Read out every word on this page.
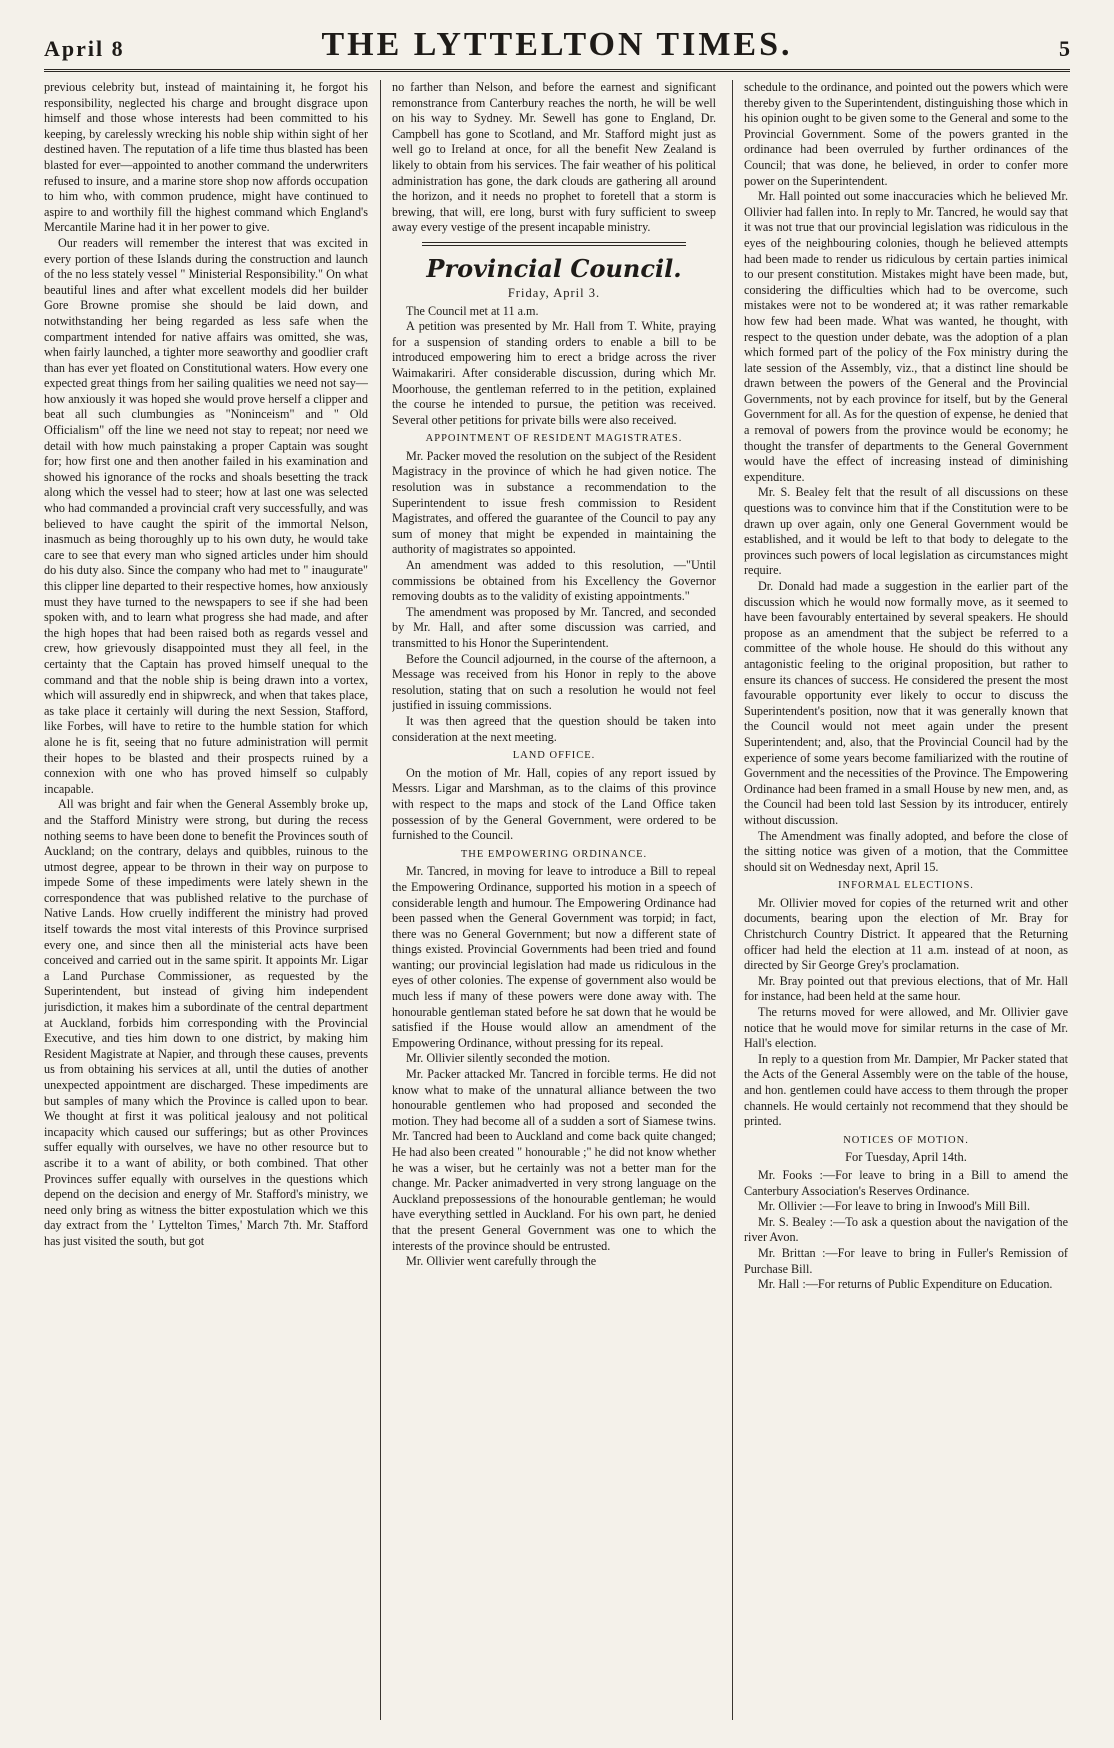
April 8	THE LYTTELTON TIMES.	5

previous celebrity but, instead of maintaining it, he forgot his responsibility, neglected his charge and brought disgrace upon himself and those whose interests had been committed to his keeping, by carelessly wrecking his noble ship within sight of her destined haven. The reputation of a life time thus blasted has been blasted for ever—appointed to another command the underwriters refused to insure, and a marine store shop now affords occupation to him who, with common prudence, might have continued to aspire to and worthily fill the highest command which England's Mercantile Marine had it in her power to give.

Our readers will remember the interest that was excited in every portion of these Islands during the construction and launch of the no less stately vessel " Ministerial Responsibility." On what beautiful lines and after what excellent models did her builder Gore Browne promise she should be laid down, and notwithstanding her being regarded as less safe when the compartment intended for native affairs was omitted, she was, when fairly launched, a tighter more seaworthy and goodlier craft than has ever yet floated on Constitutional waters. How every one expected great things from her sailing qualities we need not say—how anxiously it was hoped she would prove herself a clipper and beat all such clumbungies as "Noninceism" and " Old Officialism" off the line we need not stay to repeat; nor need we detail with how much painstaking a proper Captain was sought for; how first one and then another failed in his examination and showed his ignorance of the rocks and shoals besetting the track along which the vessel had to steer; how at last one was selected who had commanded a provincial craft very successfully, and was believed to have caught the spirit of the immortal Nelson, inasmuch as being thoroughly up to his own duty, he would take care to see that every man who signed articles under him should do his duty also. Since the company who had met to " inaugurate" this clipper line departed to their respective homes, how anxiously must they have turned to the newspapers to see if she had been spoken with, and to learn what progress she had made, and after the high hopes that had been raised both as regards vessel and crew, how grievously disappointed must they all feel, in the certainty that the Captain has proved himself unequal to the command and that the noble ship is being drawn into a vortex, which will assuredly end in shipwreck, and when that takes place, as take place it certainly will during the next Session, Stafford, like Forbes, will have to retire to the humble station for which alone he is fit, seeing that no future administration will permit their hopes to be blasted and their prospects ruined by a connexion with one who has proved himself so culpably incapable.

All was bright and fair when the General Assembly broke up, and the Stafford Ministry were strong, but during the recess nothing seems to have been done to benefit the Provinces south of Auckland; on the contrary, delays and quibbles, ruinous to the utmost degree, appear to be thrown in their way on purpose to impede Some of these impediments were lately shewn in the correspondence that was published relative to the purchase of Native Lands. How cruelly indifferent the ministry had proved itself towards the most vital interests of this Province surprised every one, and since then all the ministerial acts have been conceived and carried out in the same spirit. It appoints Mr. Ligar a Land Purchase Commissioner, as requested by the Superintendent, but instead of giving him independent jurisdiction, it makes him a subordinate of the central department at Auckland, forbids him corresponding with the Provincial Executive, and ties him down to one district, by making him Resident Magistrate at Napier, and through these causes, prevents us from obtaining his services at all, until the duties of another unexpected appointment are discharged. These impediments are but samples of many which the Province is called upon to bear. We thought at first it was political jealousy and not political incapacity which caused our sufferings; but as other Provinces suffer equally with ourselves, we have no other resource but to ascribe it to a want of ability, or both combined. That other Provinces suffer equally with ourselves in the questions which depend on the decision and energy of Mr. Stafford's ministry, we need only bring as witness the bitter expostulation which we this day extract from the ' Lyttelton Times,' March 7th. Mr. Stafford has just visited the south, but got

no farther than Nelson, and before the earnest and significant remonstrance from Canterbury reaches the north, he will be well on his way to Sydney. Mr. Sewell has gone to England, Dr. Campbell has gone to Scotland, and Mr. Stafford might just as well go to Ireland at once, for all the benefit New Zealand is likely to obtain from his services. The fair weather of his political administration has gone, the dark clouds are gathering all around the horizon, and it needs no prophet to foretell that a storm is brewing, that will, ere long, burst with fury sufficient to sweep away every vestige of the present incapable ministry.

Provincial Council.
Friday, April 3.

The Council met at 11 a.m.

A petition was presented by Mr. Hall from T. White, praying for a suspension of standing orders to enable a bill to be introduced empowering him to erect a bridge across the river Waimakariri. After considerable discussion, during which Mr. Moorhouse, the gentleman referred to in the petition, explained the course he intended to pursue, the petition was received. Several other petitions for private bills were also received.

APPOINTMENT OF RESIDENT MAGISTRATES.

Mr. Packer moved the resolution on the subject of the Resident Magistracy in the province of which he had given notice. The resolution was in substance a recommendation to the Superintendent to issue fresh commission to Resident Magistrates, and offered the guarantee of the Council to pay any sum of money that might be expended in maintaining the authority of magistrates so appointed.

An amendment was added to this resolution, —"Until commissions be obtained from his Excellency the Governor removing doubts as to the validity of existing appointments."

The amendment was proposed by Mr. Tancred, and seconded by Mr. Hall, and after some discussion was carried, and transmitted to his Honor the Superintendent.

Before the Council adjourned, in the course of the afternoon, a Message was received from his Honor in reply to the above resolution, stating that on such a resolution he would not feel justified in issuing commissions.

It was then agreed that the question should be taken into consideration at the next meeting.

LAND OFFICE.

On the motion of Mr. Hall, copies of any report issued by Messrs. Ligar and Marshman, as to the claims of this province with respect to the maps and stock of the Land Office taken possession of by the General Government, were ordered to be furnished to the Council.

THE EMPOWERING ORDINANCE.

Mr. Tancred, in moving for leave to introduce a Bill to repeal the Empowering Ordinance, supported his motion in a speech of considerable length and humour. The Empowering Ordinance had been passed when the General Government was torpid; in fact, there was no General Government; but now a different state of things existed. Provincial Governments had been tried and found wanting; our provincial legislation had made us ridiculous in the eyes of other colonies. The expense of government also would be much less if many of these powers were done away with. The honourable gentleman stated before he sat down that he would be satisfied if the House would allow an amendment of the Empowering Ordinance, without pressing for its repeal.

Mr. Ollivier silently seconded the motion.

Mr. Packer attacked Mr. Tancred in forcible terms. He did not know what to make of the unnatural alliance between the two honourable gentlemen who had proposed and seconded the motion. They had become all of a sudden a sort of Siamese twins. Mr. Tancred had been to Auckland and come back quite changed; He had also been created " honourable ;" he did not know whether he was a wiser, but he certainly was not a better man for the change. Mr. Packer animadverted in very strong language on the Auckland prepossessions of the honourable gentleman; he would have everything settled in Auckland. For his own part, he denied that the present General Government was one to which the interests of the province should be entrusted.

Mr. Ollivier went carefully through the

schedule to the ordinance, and pointed out the powers which were thereby given to the Superintendent, distinguishing those which in his opinion ought to be given some to the General and some to the Provincial Government. Some of the powers granted in the ordinance had been overruled by further ordinances of the Council; that was done, he believed, in order to confer more power on the Superintendent.

Mr. Hall pointed out some inaccuracies which he believed Mr. Ollivier had fallen into. In reply to Mr. Tancred, he would say that it was not true that our provincial legislation was ridiculous in the eyes of the neighbouring colonies, though he believed attempts had been made to render us ridiculous by certain parties inimical to our present constitution. Mistakes might have been made, but, considering the difficulties which had to be overcome, such mistakes were not to be wondered at; it was rather remarkable how few had been made. What was wanted, he thought, with respect to the question under debate, was the adoption of a plan which formed part of the policy of the Fox ministry during the late session of the Assembly, viz., that a distinct line should be drawn between the powers of the General and the Provincial Governments, not by each province for itself, but by the General Government for all. As for the question of expense, he denied that a removal of powers from the province would be economy; he thought the transfer of departments to the General Government would have the effect of increasing instead of diminishing expenditure.

Mr. S. Bealey felt that the result of all discussions on these questions was to convince him that if the Constitution were to be drawn up over again, only one General Government would be established, and it would be left to that body to delegate to the provinces such powers of local legislation as circumstances might require.

Dr. Donald had made a suggestion in the earlier part of the discussion which he would now formally move, as it seemed to have been favourably entertained by several speakers. He should propose as an amendment that the subject be referred to a committee of the whole house. He should do this without any antagonistic feeling to the original proposition, but rather to ensure its chances of success. He considered the present the most favourable opportunity ever likely to occur to discuss the Superintendent's position, now that it was generally known that the Council would not meet again under the present Superintendent; and, also, that the Provincial Council had by the experience of some years become familiarized with the routine of Government and the necessities of the Province. The Empowering Ordinance had been framed in a small House by new men, and, as the Council had been told last Session by its introducer, entirely without discussion.

The Amendment was finally adopted, and before the close of the sitting notice was given of a motion, that the Committee should sit on Wednesday next, April 15.

INFORMAL ELECTIONS.

Mr. Ollivier moved for copies of the returned writ and other documents, bearing upon the election of Mr. Bray for Christchurch Country District. It appeared that the Returning officer had held the election at 11 a.m. instead of at noon, as directed by Sir George Grey's proclamation.

Mr. Bray pointed out that previous elections, that of Mr. Hall for instance, had been held at the same hour.

The returns moved for were allowed, and Mr. Ollivier gave notice that he would move for similar returns in the case of Mr. Hall's election.

In reply to a question from Mr. Dampier, Mr Packer stated that the Acts of the General Assembly were on the table of the house, and hon. gentlemen could have access to them through the proper channels. He would certainly not recommend that they should be printed.

NOTICES OF MOTION.
For Tuesday, April 14th.

Mr. Fooks :—For leave to bring in a Bill to amend the Canterbury Association's Reserves Ordinance.

Mr. Ollivier :—For leave to bring in Inwood's Mill Bill.

Mr. S. Bealey :—To ask a question about the navigation of the river Avon.

Mr. Brittan :—For leave to bring in Fuller's Remission of Purchase Bill.

Mr. Hall :—For returns of Public Expenditure on Education.
